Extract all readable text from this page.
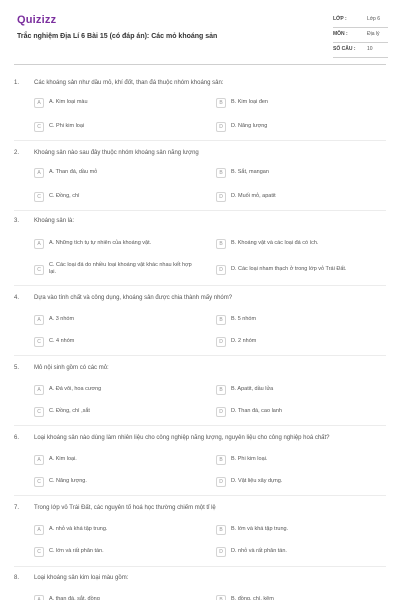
Quizizz
Trắc nghiệm Địa Lí 6 Bài 15 (có đáp án): Các mỏ khoáng sản
LỚP :	Lớp 6
MÔN :	Địa lý
SỐ CÂU : 10
1. Các khoáng sản như dầu mỏ, khí đốt, than đá thuộc nhóm khoáng sản:
A	A. Kim loại màu	B	B. Kim loại đen
C	C. Phi kim loại	D	D. Năng lượng
2. Khoáng sản nào sau đây thuộc nhóm khoáng sản năng lượng
A	A. Than đá, dầu mỏ	B	B. Sắt, mangan
C	C. Đồng, chì	D	D. Muối mỏ, apatit
3. Khoáng sản là:
A	A. Những tích tụ tự nhiên của khoáng vật.	B	B. Khoáng vật và các loại đá có ích.
C
C. Các loại đá do nhiều loại khoáng vật khác nhau kết hợp lại.	D	D. Các loại nham thạch ở trong lớp vỏ Trái Đất.
4. Dựa vào tính chất và công dụng, khoáng sản được chia thành mấy nhóm?
A	A. 3 nhóm	B	B. 5 nhóm
C	C. 4 nhóm	D	D. 2 nhóm
5. Mỏ nội sinh gồm có các mỏ:
A	A. Đá vôi, hoa cương	B	B. Apatit, dầu lửa
C	C. Đồng, chì ,sắt	D	D. Than đá, cao lanh
6. Loại khoáng sản nào dùng làm nhiên liệu cho công nghiệp năng lượng, nguyên liệu cho công nghiệp hoá chất?
A	A. Kim loại.	B	B. Phi kim loại.
C	C. Năng lượng.	D	D. Vật liệu xây dựng.
7. Trong lớp vỏ Trái Đất, các nguyên tố hoá học thường chiếm một tỉ lệ
A	A. nhỏ và khá tập trung.	B	B. lớn và khá tập trung.
C	C. lớn và rất phân tán.	D	D. nhỏ và rất phân tán.
8. Loại khoáng sản kim loại màu gồm:
A	A. than đá, sắt, đồng	B	B. đồng, chì, kẽm
